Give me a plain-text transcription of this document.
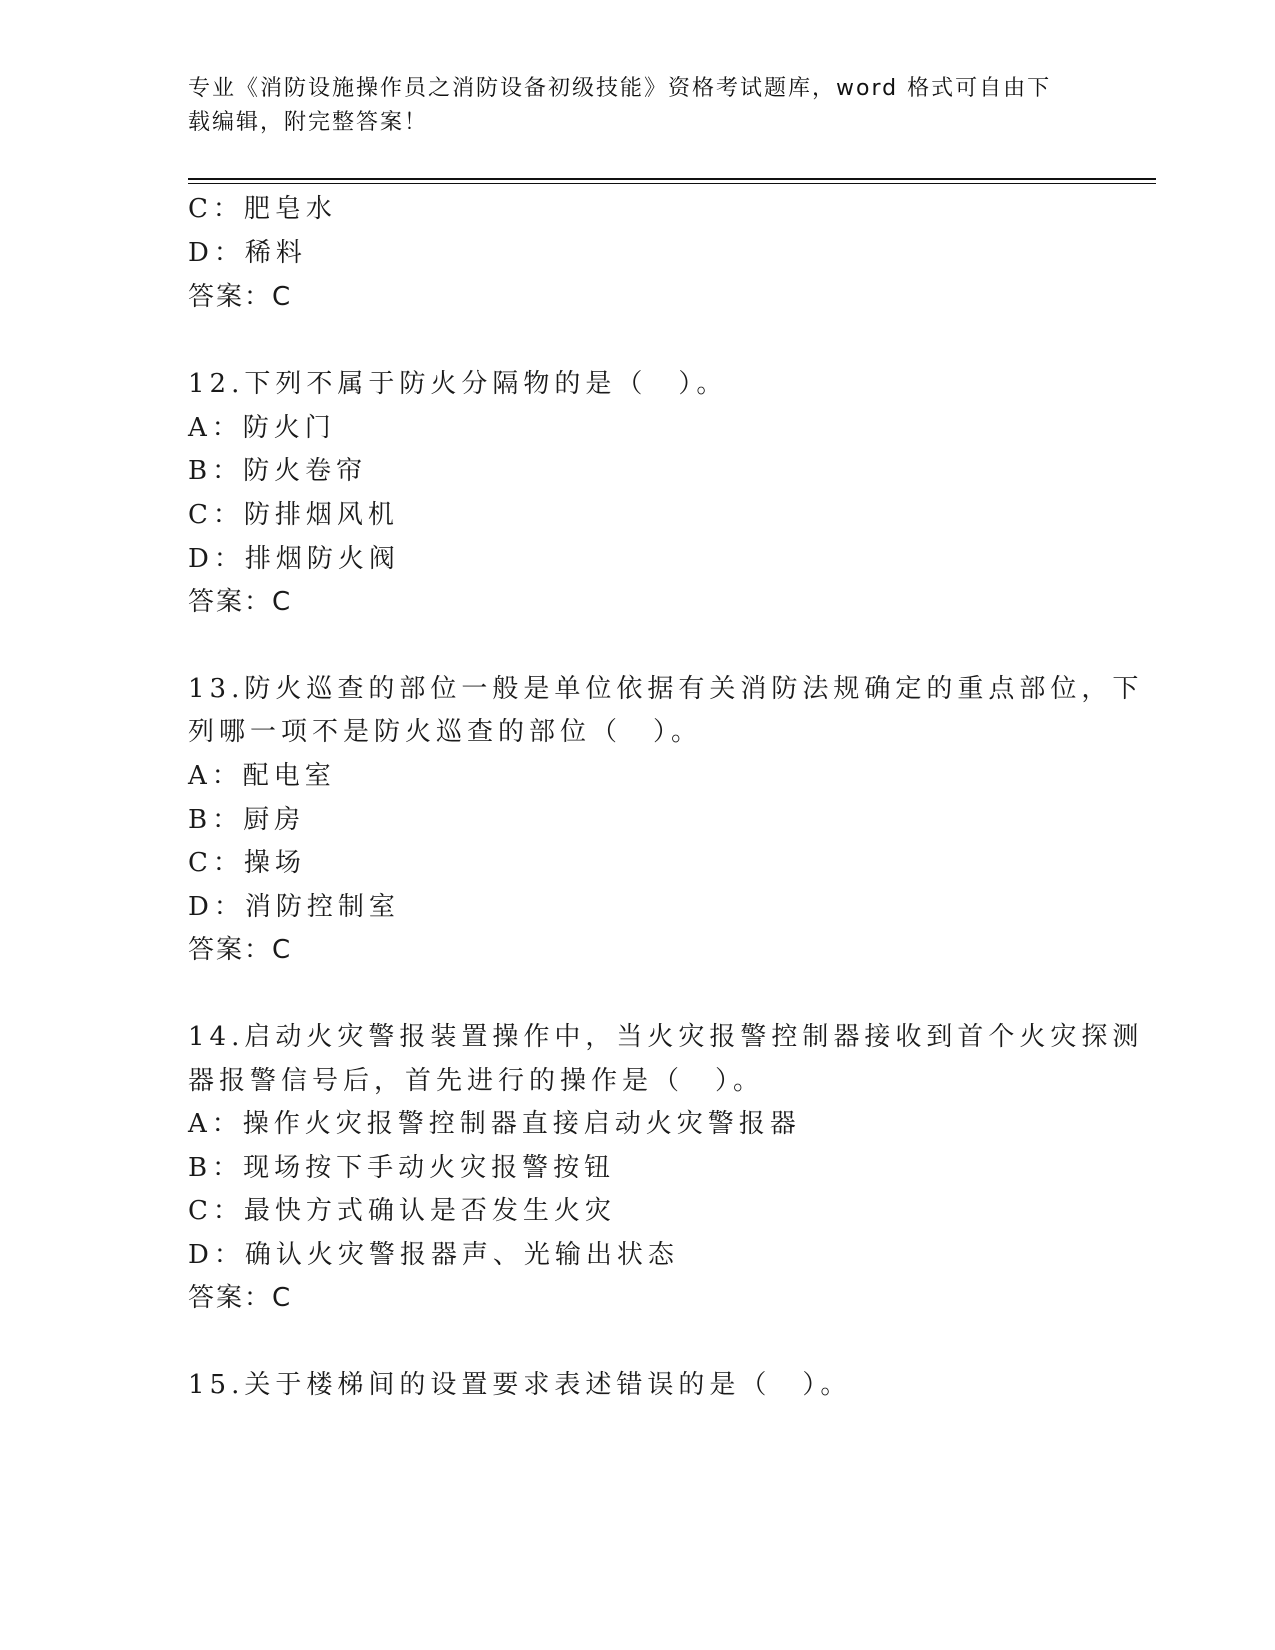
专业《消防设施操作员之消防设备初级技能》资格考试题库，word 格式可自由下载编辑，附完整答案！
C：肥皂水
D：稀料
答案：C
12.下列不属于防火分隔物的是（　）。
A：防火门
B：防火卷帘
C：防排烟风机
D：排烟防火阀
答案：C
13.防火巡查的部位一般是单位依据有关消防法规确定的重点部位，下
列哪一项不是防火巡查的部位（　）。
A：配电室
B：厨房
C：操场
D：消防控制室
答案：C
14.启动火灾警报装置操作中，当火灾报警控制器接收到首个火灾探测
器报警信号后，首先进行的操作是（　）。
A：操作火灾报警控制器直接启动火灾警报器
B：现场按下手动火灾报警按钮
C：最快方式确认是否发生火灾
D：确认火灾警报器声、光输出状态
答案：C
15.关于楼梯间的设置要求表述错误的是（　）。
